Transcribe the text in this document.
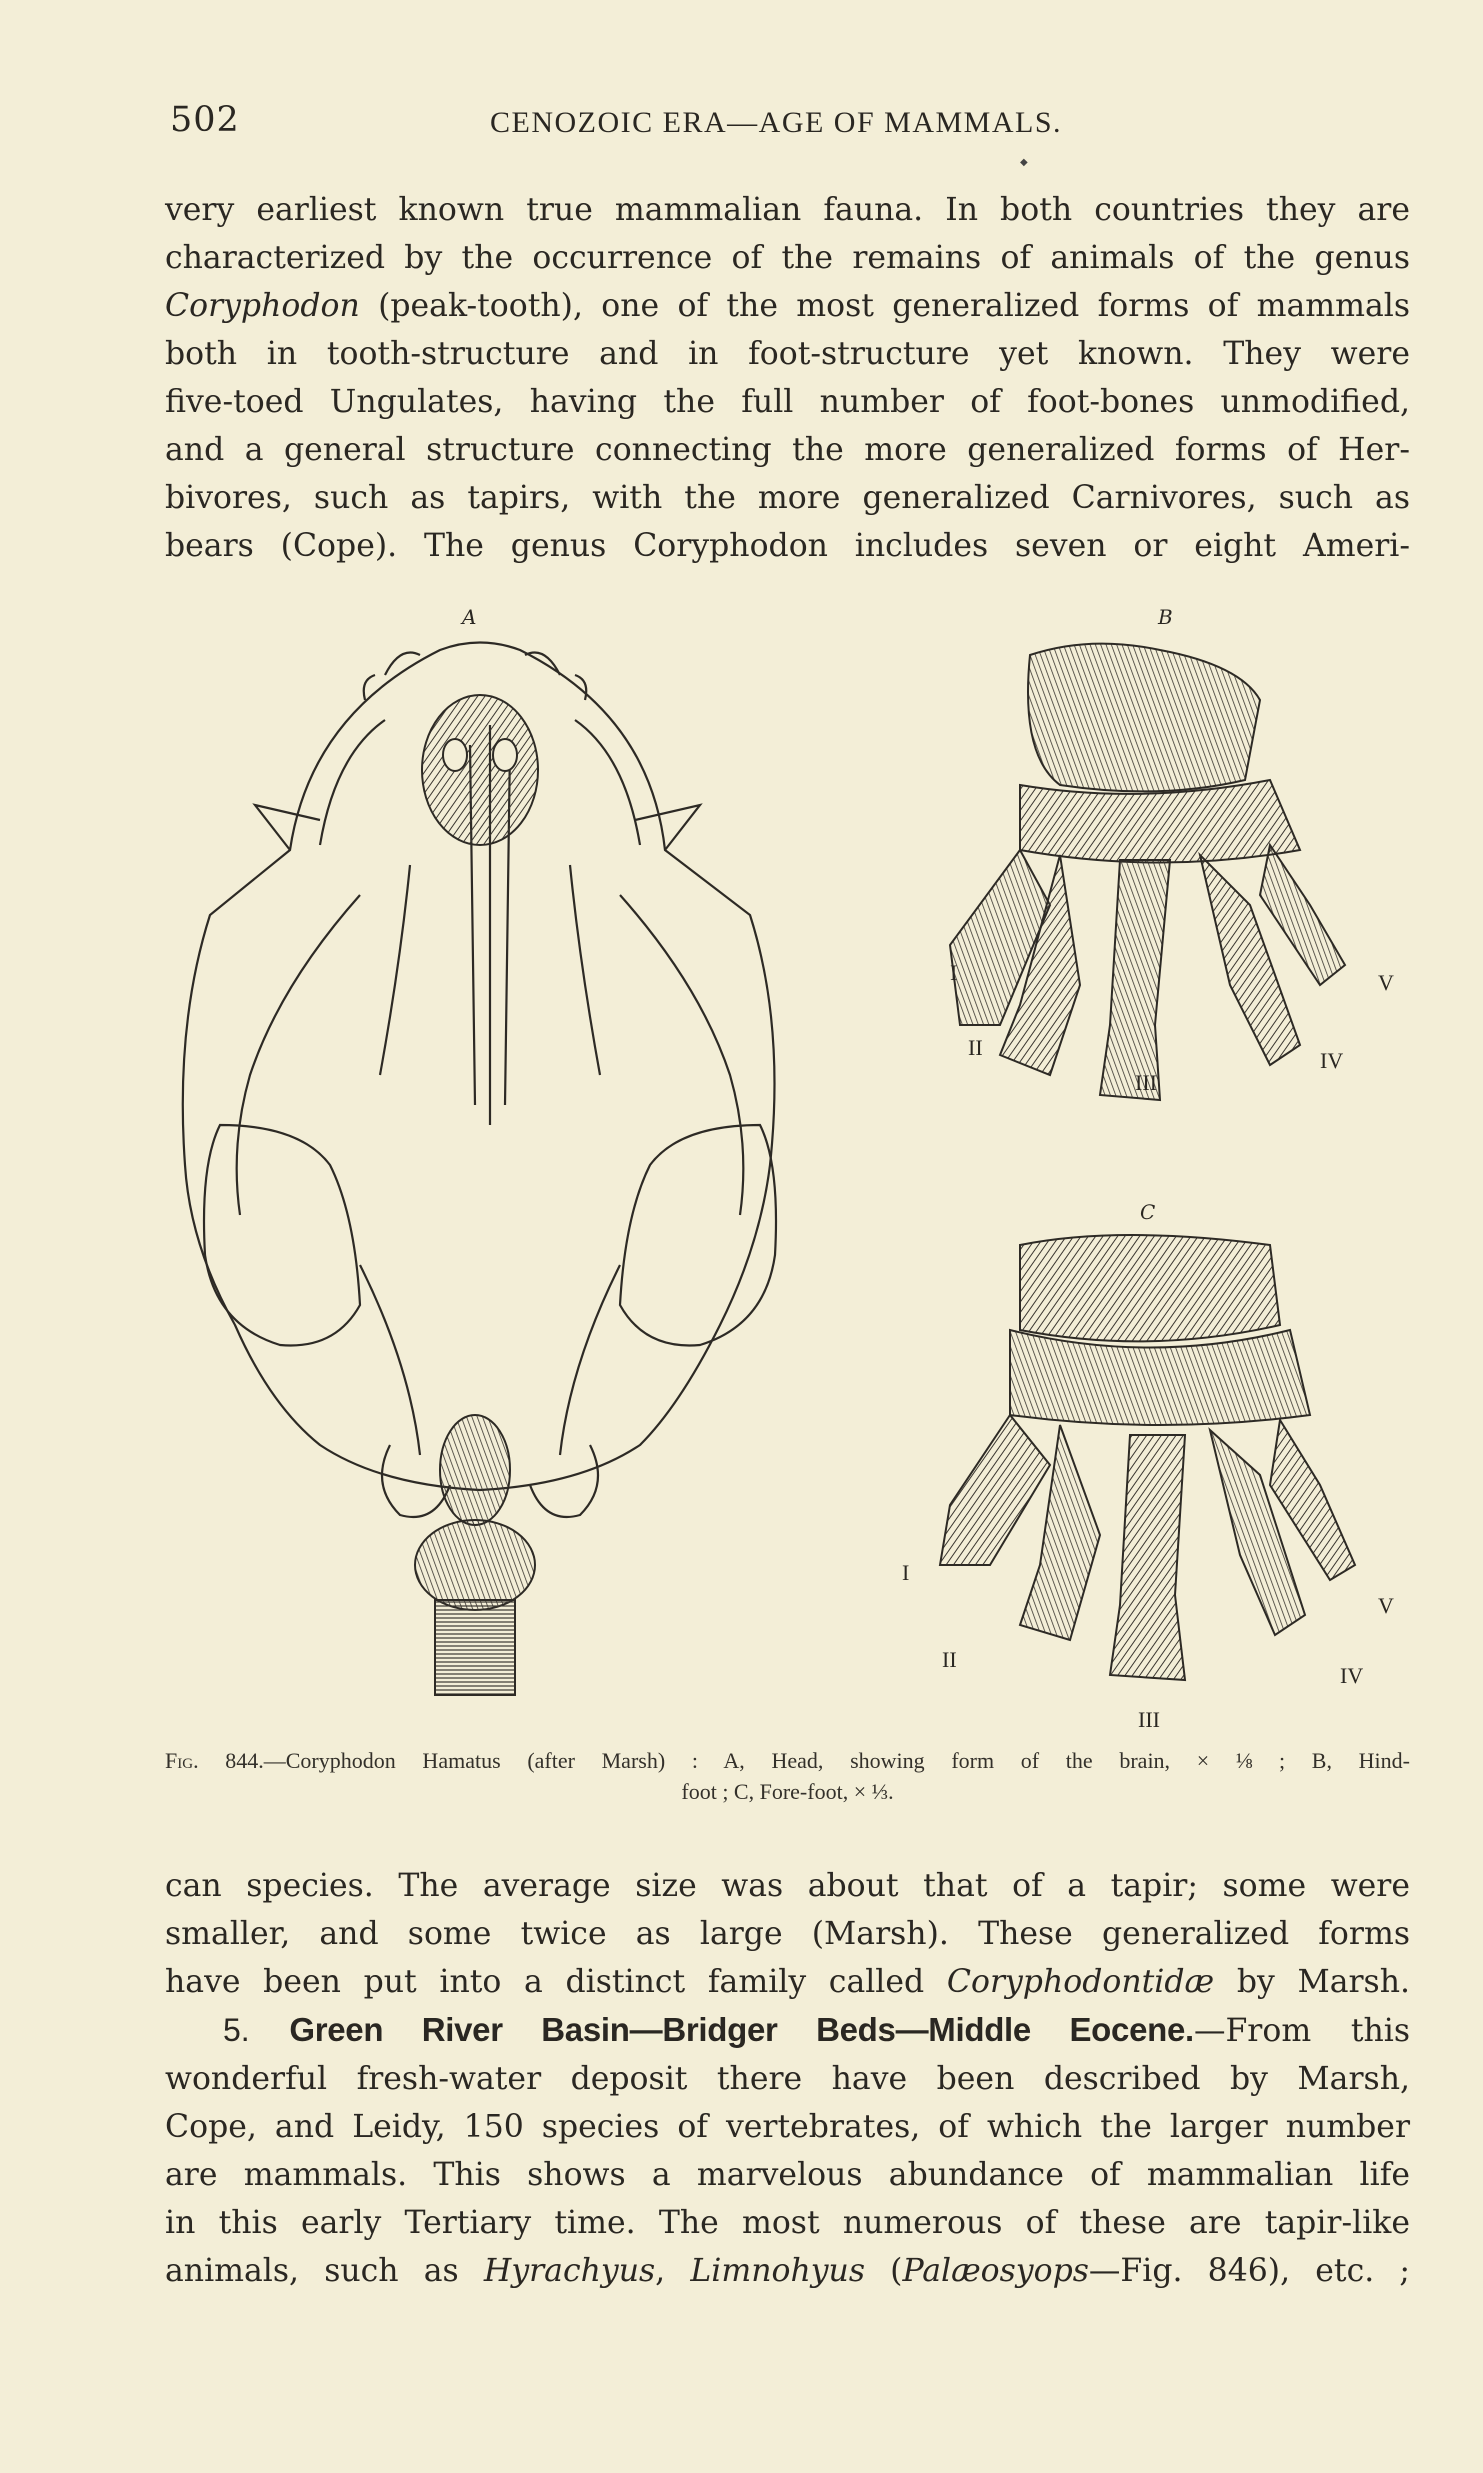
502	CENOZOIC ERA—AGE OF MAMMALS.
◆

very earliest known true mammalian fauna. In both countries they are
characterized by the occurrence of the remains of animals of the genus
Coryphodon (peak-tooth), one of the most generalized forms of mammals
both in tooth-structure and in foot-structure yet known. They were
five-toed Ungulates, having the full number of foot-bones unmodified,
and a general structure connecting the more generalized forms of Her-
bivores, such as tapirs, with the more generalized Carnivores, such as
bears (Cope). The genus Coryphodon includes seven or eight Ameri-

A	B
C
I
II
III
IV
V
I
II
III
IV
V
Fig. 844.—Coryphodon Hamatus (after Marsh) : A, Head, showing form of the brain, × ⅛ ; B, Hind-
foot ; C, Fore-foot, × ⅓.

can species. The average size was about that of a tapir; some were
smaller, and some twice as large (Marsh). These generalized forms
have been put into a distinct family called Coryphodontidæ by Marsh.

5. Green River Basin—Bridger Beds—Middle Eocene.—From this
wonderful fresh-water deposit there have been described by Marsh,
Cope, and Leidy, 150 species of vertebrates, of which the larger number
are mammals. This shows a marvelous abundance of mammalian life
in this early Tertiary time. The most numerous of these are tapir-like
animals, such as Hyrachyus, Limnohyus (Palæosyops—Fig. 846), etc. ;
